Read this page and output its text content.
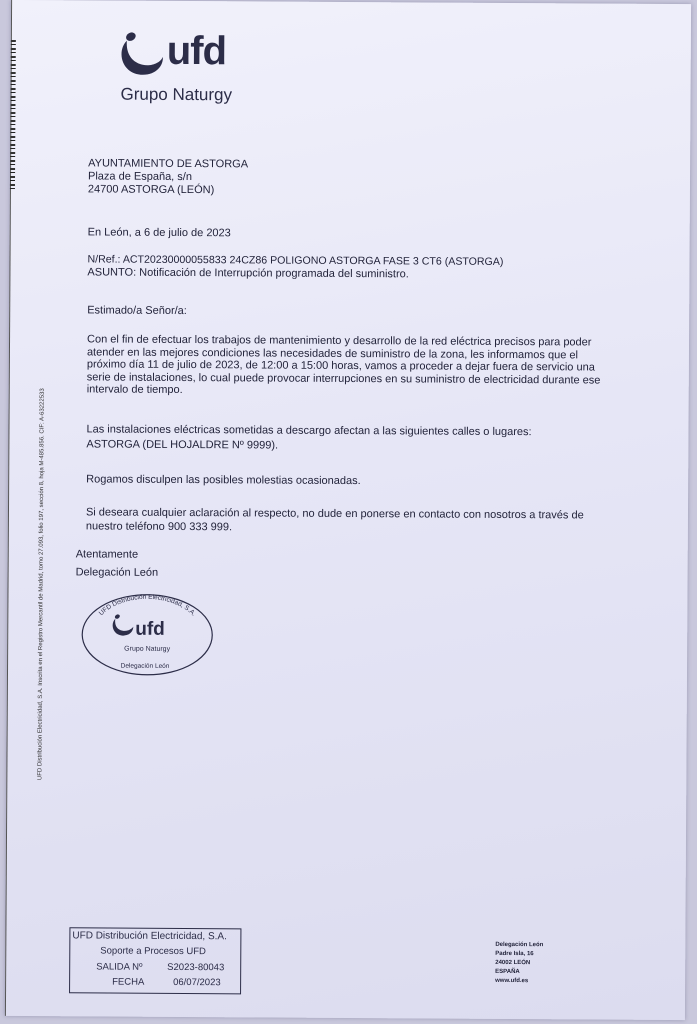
ufd
Grupo Naturgy
AYUNTAMIENTO DE ASTORGA
Plaza de España, s/n
24700 ASTORGA (LEÓN)
En León, a 6 de julio de 2023
N/Ref.: ACT20230000055833 24CZ86 POLIGONO ASTORGA FASE 3 CT6 (ASTORGA)
ASUNTO: Notificación de Interrupción programada del suministro.
Estimado/a Señor/a:
Con el fin de efectuar los trabajos de mantenimiento y desarrollo de la red eléctrica precisos para poder atender en las mejores condiciones las necesidades de suministro de la zona, les informamos que el próximo día 11 de julio de 2023, de 12:00 a 15:00 horas, vamos a proceder a dejar fuera de servicio una serie de instalaciones, lo cual puede provocar interrupciones en su suministro de electricidad durante ese intervalo de tiempo.
Las instalaciones eléctricas sometidas a descargo afectan a las siguientes calles o lugares:
ASTORGA (DEL HOJALDRE Nº 9999).
Rogamos disculpen las posibles molestias ocasionadas.
Si deseara cualquier aclaración al respecto, no dude en ponerse en contacto con nosotros a través de
nuestro teléfono 900 333 999.
Atentamente
Delegación León
UFD Distribución Electricidad, S.A.
ufd
Grupo Naturgy
Delegación León
UFD Distribución Electricidad, S.A. Inscrita en el Registro Mercantil de Madrid, tomo 27.093, folio 197, sección 8, hoja M-485.856. CIF: A-63222533
UFD Distribución Electricidad, S.A.
Soporte a Procesos UFD
SALIDA Nº	S2023-80043
FECHA	06/07/2023
Delegación León
Padre Isla, 16
24002 LEÓN
ESPAÑA
www.ufd.es
